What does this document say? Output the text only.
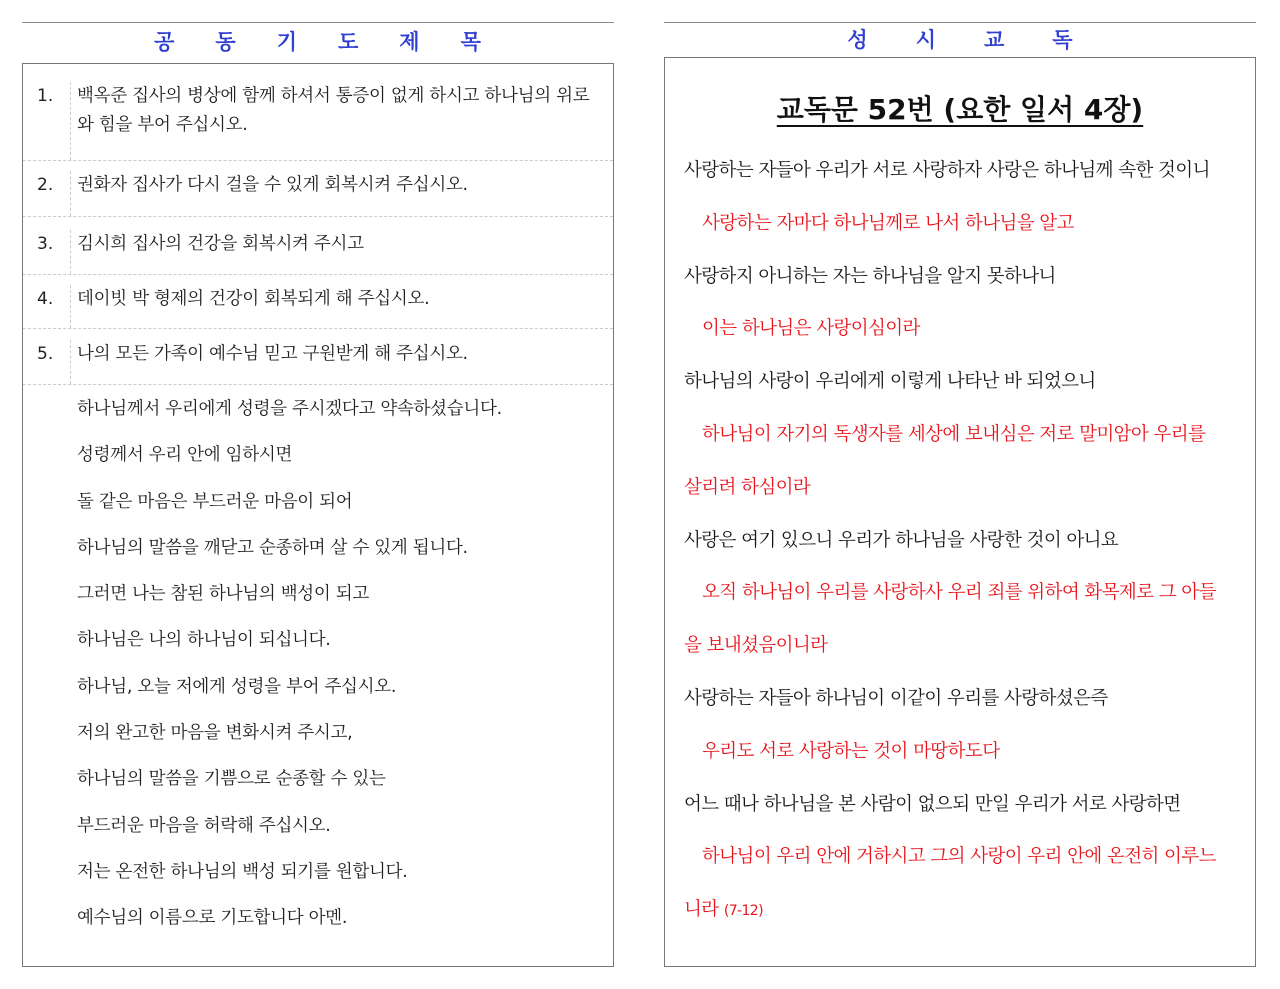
공 동 기 도 제 목
1.	백옥준 집사의 병상에 함께 하셔서 통증이 없게 하시고 하나님의 위로와 힘을 부어 주십시오.
2.	권화자 집사가 다시 걸을 수 있게 회복시켜 주십시오.
3.	김시희 집사의 건강을 회복시켜 주시고
4.	데이빗 박 형제의 건강이 회복되게 해 주십시오.
5.	나의 모든 가족이 예수님 믿고 구원받게 해 주십시오.
하나님께서 우리에게 성령을 주시겠다고 약속하셨습니다.
성령께서 우리 안에 임하시면
돌 같은 마음은 부드러운 마음이 되어
하나님의 말씀을 깨닫고 순종하며 살 수 있게 됩니다.
그러면 나는 참된 하나님의 백성이 되고
하나님은 나의 하나님이 되십니다.
하나님, 오늘 저에게 성령을 부어 주십시오.
저의 완고한 마음을 변화시켜 주시고,
하나님의 말씀을 기쁨으로 순종할 수 있는
부드러운 마음을 허락해 주십시오.
저는 온전한 하나님의 백성 되기를 원합니다.
예수님의 이름으로 기도합니다 아멘.
성 시 교 독
교독문 52번 (요한 일서 4장)
사랑하는 자들아 우리가 서로 사랑하자 사랑은 하나님께 속한 것이니
사랑하는 자마다 하나님께로 나서 하나님을 알고
사랑하지 아니하는 자는 하나님을 알지 못하나니
이는 하나님은 사랑이심이라
하나님의 사랑이 우리에게 이렇게 나타난 바 되었으니
하나님이 자기의 독생자를 세상에 보내심은 저로 말미암아 우리를
살리려 하심이라
사랑은 여기 있으니 우리가 하나님을 사랑한 것이 아니요
오직 하나님이 우리를 사랑하사 우리 죄를 위하여 화목제로 그 아들
을 보내셨음이니라
사랑하는 자들아 하나님이 이같이 우리를 사랑하셨은즉
우리도 서로 사랑하는 것이 마땅하도다
어느 때나 하나님을 본 사람이 없으되 만일 우리가 서로 사랑하면
하나님이 우리 안에 거하시고 그의 사랑이 우리 안에 온전히 이루느
니라 (7-12)
